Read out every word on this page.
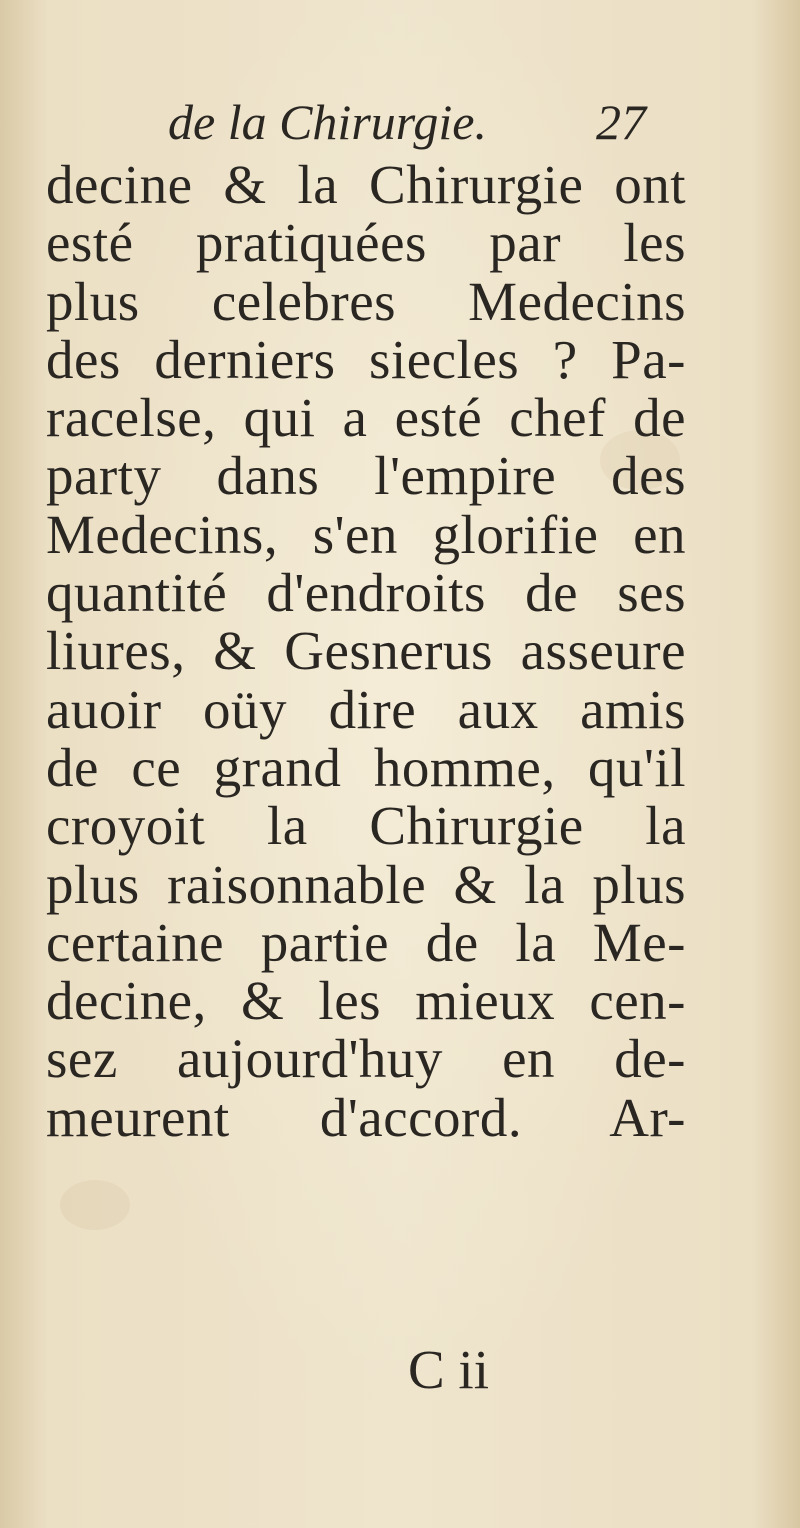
de la Chirurgie. 27
decine & la Chirurgie ont
esté pratiquées par les
plus celebres Medecins
des derniers siecles ? Pa-
racelse, qui a esté chef de
party dans l'empire des
Medecins, s'en glorifie en
quantité d'endroits de ses
liures, & Gesnerus asseure
auoir oüy dire aux amis
de ce grand homme, qu'il
croyoit la Chirurgie la
plus raisonnable & la plus
certaine partie de la Me-
decine, & les mieux cen-
sez aujourd'huy en de-
meurent d'accord. Ar-
C ii
